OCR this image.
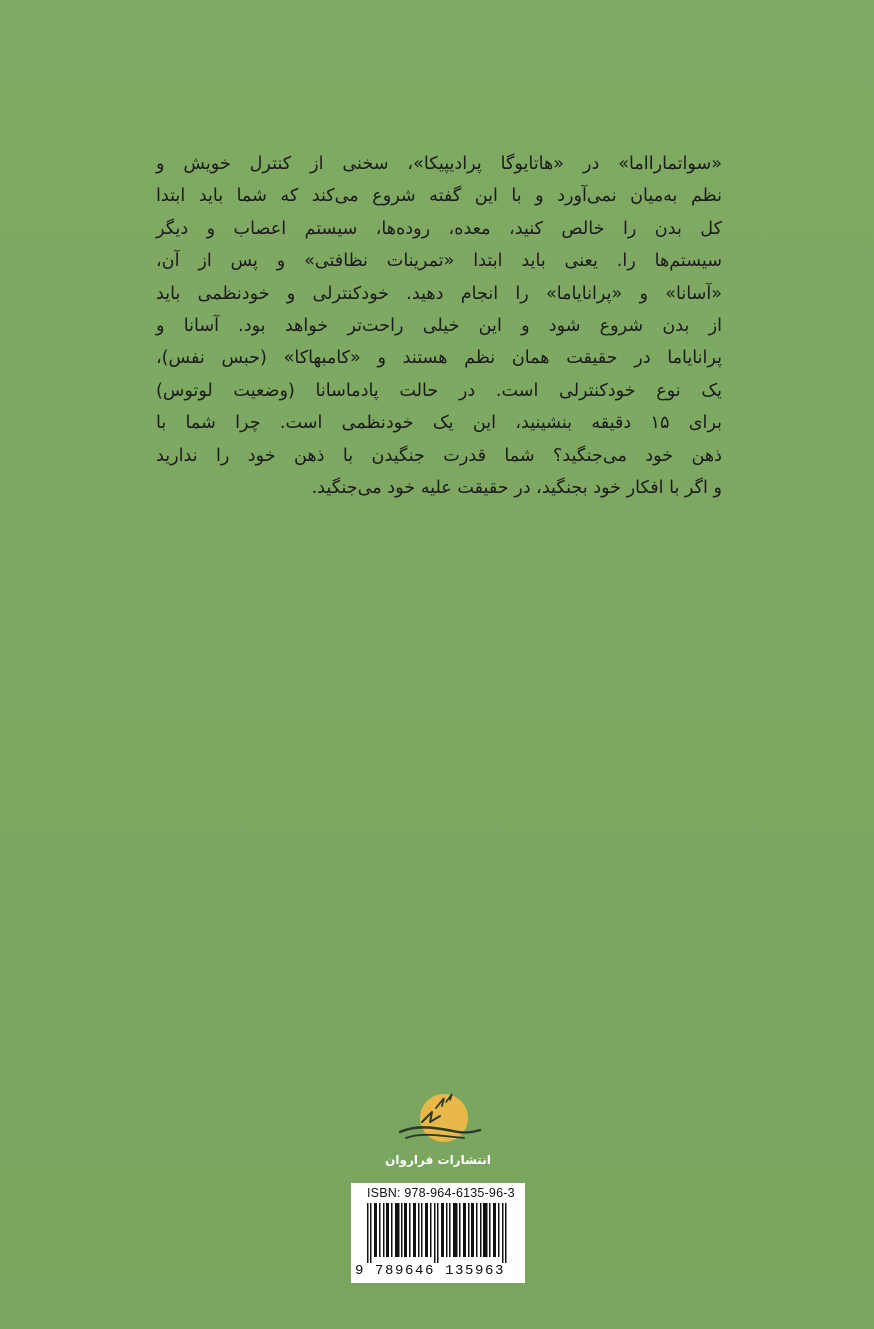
«سواتمارااما» در «هاتایوگا پرادیپیکا»، سخنی از کنترل خویش و
نظم به‌میان نمی‌آورد و با این گفته شروع می‌کند که شما باید ابتدا
کل بدن را خالص کنید، معده، روده‌ها، سیستم اعصاب و دیگر
سیستم‌ها را. یعنی باید ابتدا «تمرینات نظافتی» و پس از آن،
«آسانا» و «پرانایاما» را انجام دهید. خودکنترلی و خودنظمی باید
از بدن شروع شود و این خیلی راحت‌تر خواهد بود. آسانا و
پرانایاما در حقیقت همان نظم هستند و «کامبهاکا» (حبس نفس)،
یک نوع خودکنترلی است. در حالت پادماسانا (وضعیت لوتوس)
برای ۱۵ دقیقه بنشینید، این یک خودنظمی است. چرا شما با
ذهن خود می‌جنگید؟ شما قدرت جنگیدن با ذهن خود را ندارید
و اگر با افکار خود بجنگید، در حقیقت علیه خود می‌جنگید.
انتشارات فراروان
ISBN: 978-964-6135-96-3
9 789646 135963
